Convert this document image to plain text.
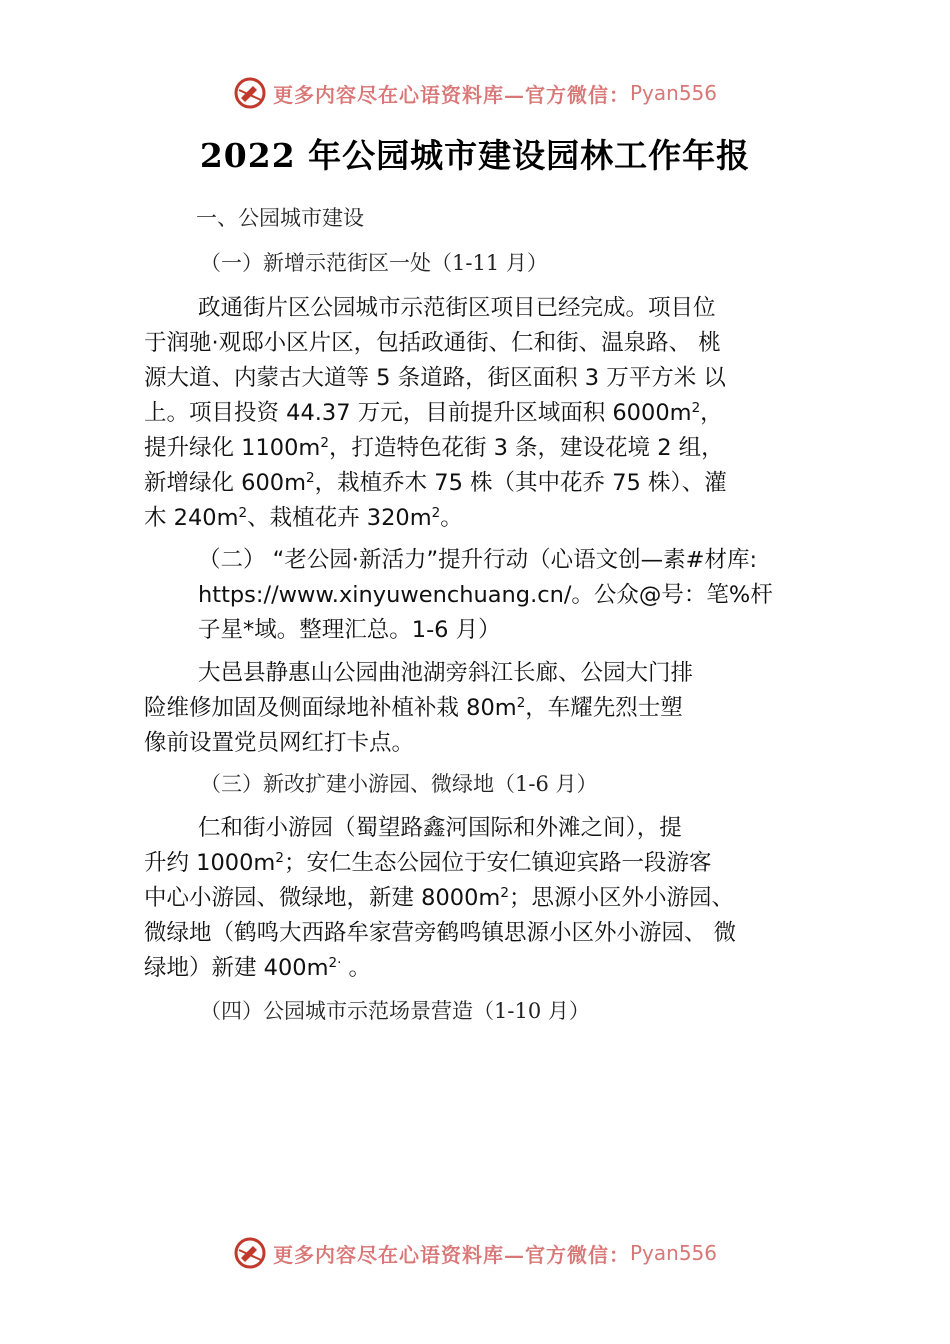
更多内容尽在心语资料库—官方微信： Pyan556
2022 年公园城市建设园林工作年报
一、公园城市建设
（一）新增示范街区一处（1-11 月）
政通街片区公园城市示范街区项目已经完成。项目位
于润驰·观邸小区片区，包括政通街、仁和街、温泉路、 桃
源大道、内蒙古大道等 5 条道路，街区面积 3 万平方米 以
上。项目投资 44.37 万元，目前提升区域面积 $6000m^2$，
提升绿化 $1100m^2$，打造特色花街 3 条，建设花境 2 组，
新增绿化 $600m^2$，栽植乔木 75 株（其中花乔 75 株）、灌
木 $240m^2$、栽植花卉 $320m^2$。
（二） “老公园·新活力”提升行动（心语文创—素#材库:
https://www.xinyuwenchuang.cn/。公众@号：笔%杆
子星*域。整理汇总。1-6 月）
大邑县静惠山公园曲池湖旁斜江长廊、公园大门排
险维修加固及侧面绿地补植补栽 $80m^2$，车耀先烈士塑
像前设置党员网红打卡点。
（三）新改扩建小游园、微绿地（1-6 月）
仁和街小游园（蜀望路鑫河国际和外滩之间），提
升约 $1000m^2$；安仁生态公园位于安仁镇迎宾路一段游客
中心小游园、微绿地，新建 $8000m^2$；思源小区外小游园、
微绿地（鹤鸣大西路牟家营旁鹤鸣镇思源小区外小游园、 微
绿地）新建 $400m^{2\cdot}$ 。
（四）公园城市示范场景营造（1-10 月）
更多内容尽在心语资料库—官方微信： Pyan556
